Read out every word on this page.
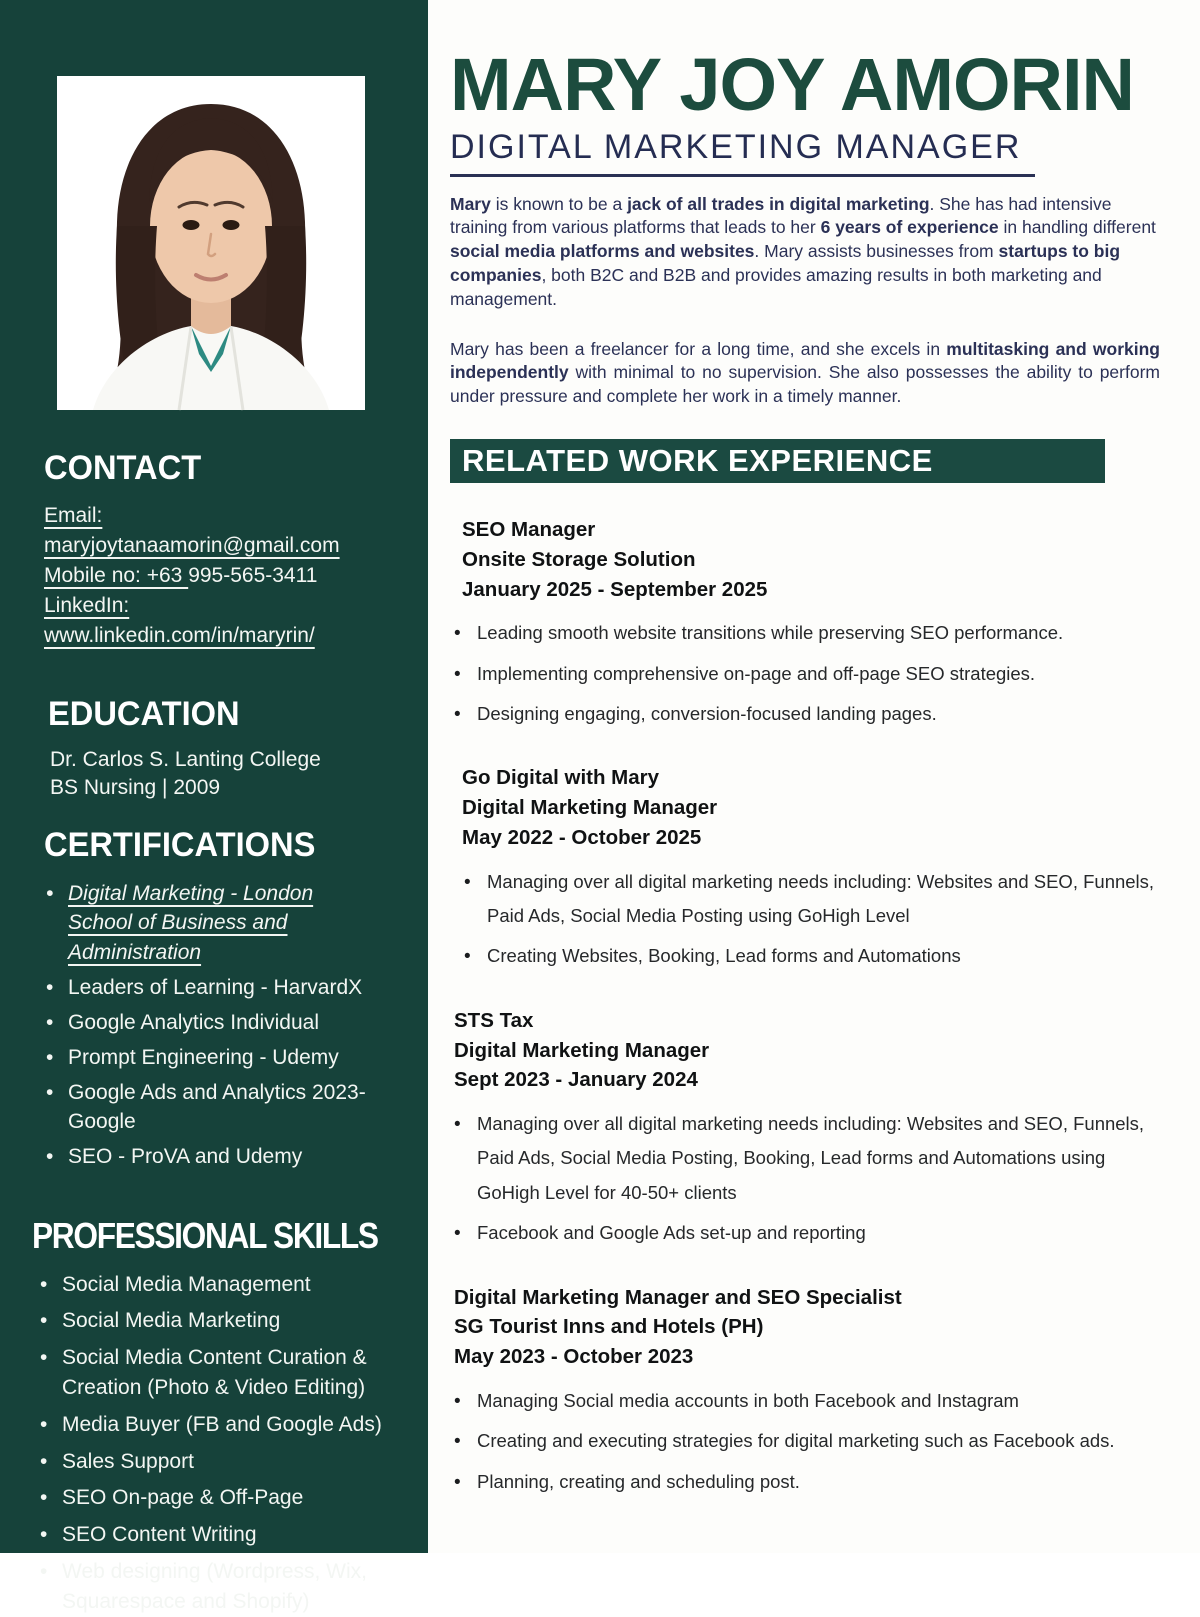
CONTACT
Email:
maryjoytanaamorin@gmail.com
Mobile no: +63 995-565-3411
LinkedIn:
www.linkedin.com/in/maryrin/
EDUCATION
Dr. Carlos S. Lanting College
BS Nursing | 2009
CERTIFICATIONS
• Digital Marketing - London School of Business and Administration
• Leaders of Learning - HarvardX
• Google Analytics Individual
• Prompt Engineering - Udemy
• Google Ads and Analytics 2023- Google
• SEO - ProVA and Udemy
PROFESSIONAL SKILLS
• Social Media Management
• Social Media Marketing
• Social Media Content Curation & Creation (Photo & Video Editing)
• Media Buyer (FB and Google Ads)
• Sales Support
• SEO On-page & Off-Page
• SEO Content Writing
• Web designing (Wordpress, Wix, Squarespace and Shopify)
MARY JOY AMORIN
DIGITAL MARKETING MANAGER

Mary is known to be a jack of all trades in digital marketing. She has had intensive training from various platforms that leads to her 6 years of experience in handling different social media platforms and websites. Mary assists businesses from startups to big companies, both B2C and B2B and provides amazing results in both marketing and management.

Mary has been a freelancer for a long time, and she excels in multitasking and working independently with minimal to no supervision. She also possesses the ability to perform under pressure and complete her work in a timely manner.

RELATED WORK EXPERIENCE
SEO Manager
Onsite Storage Solution
January 2025 - September 2025
• Leading smooth website transitions while preserving SEO performance.
• Implementing comprehensive on-page and off-page SEO strategies.
• Designing engaging, conversion-focused landing pages.
Go Digital with Mary
Digital Marketing Manager
May 2022 - October 2025
• Managing over all digital marketing needs including: Websites and SEO, Funnels, Paid Ads, Social Media Posting using GoHigh Level
• Creating Websites, Booking, Lead forms and Automations
STS Tax
Digital Marketing Manager
Sept 2023 - January 2024
• Managing over all digital marketing needs including: Websites and SEO, Funnels, Paid Ads, Social Media Posting, Booking, Lead forms and Automations using GoHigh Level for 40-50+ clients
• Facebook and Google Ads set-up and reporting
Digital Marketing Manager and SEO Specialist
SG Tourist Inns and Hotels (PH)
May 2023 - October 2023
• Managing Social media accounts in both Facebook and Instagram
• Creating and executing strategies for digital marketing such as Facebook ads.
• Planning, creating and scheduling post.
